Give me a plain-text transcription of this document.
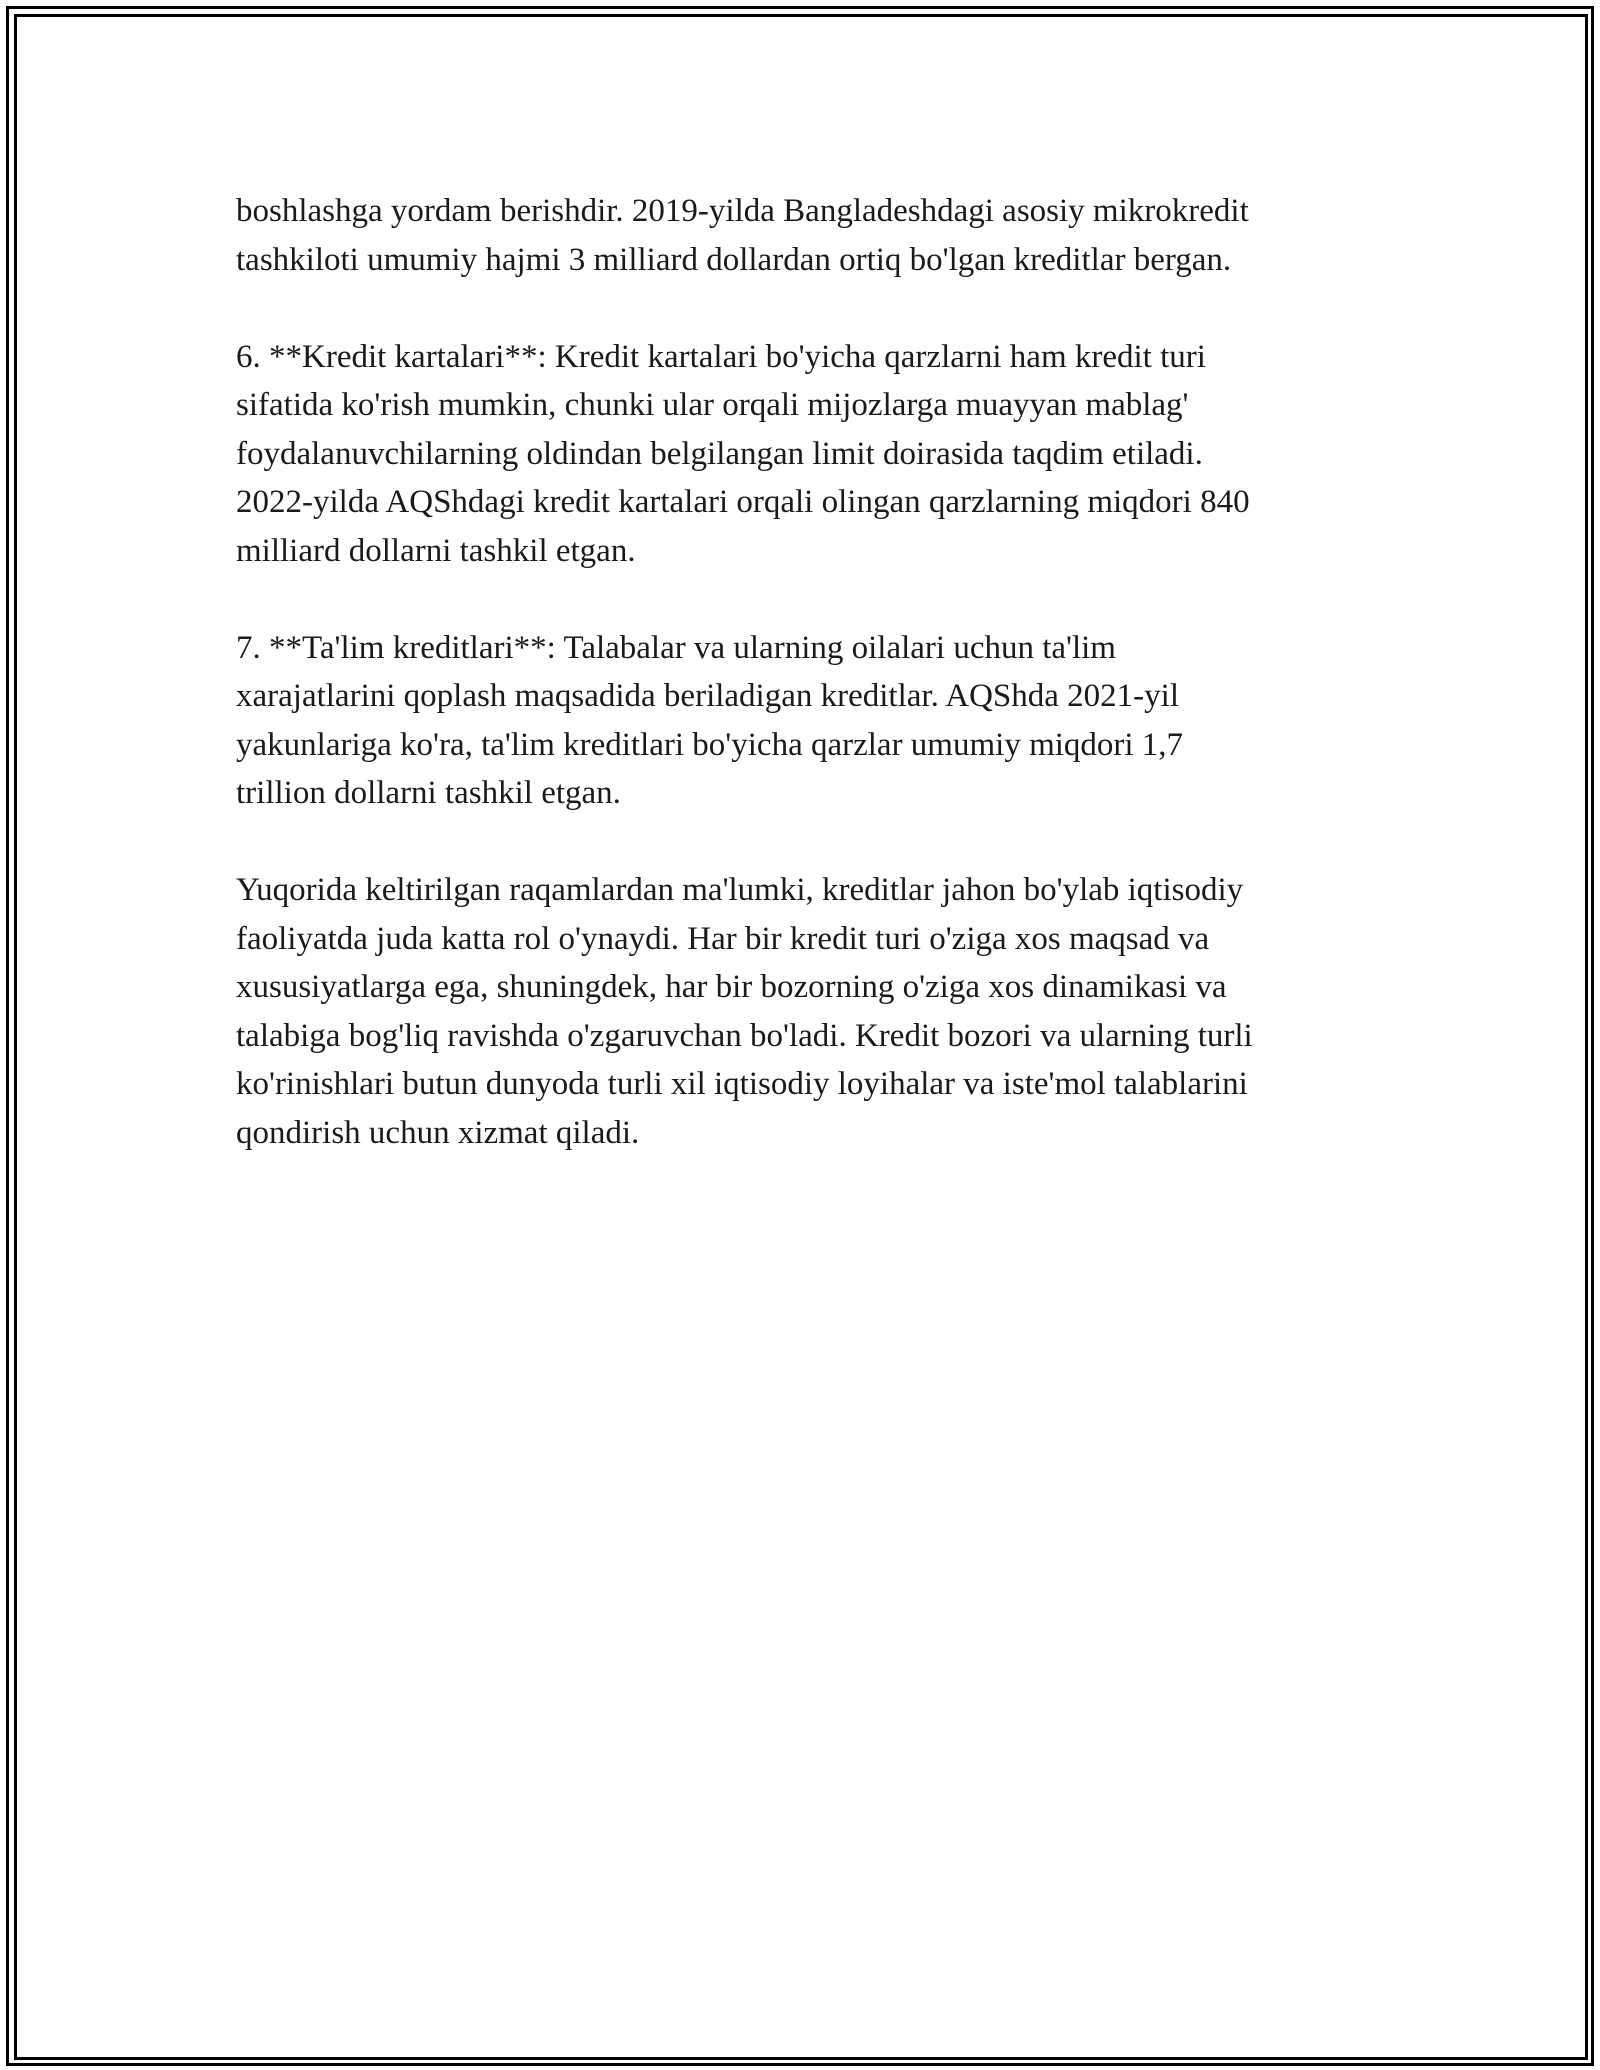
boshlashga yordam berishdir. 2019-yilda Bangladeshdagi asosiy mikrokredit
tashkiloti umumiy hajmi 3 milliard dollardan ortiq bo'lgan kreditlar bergan.

6. **Kredit kartalari**: Kredit kartalari bo'yicha qarzlarni ham kredit turi
sifatida ko'rish mumkin, chunki ular orqali mijozlarga muayyan mablag'
foydalanuvchilarning oldindan belgilangan limit doirasida taqdim etiladi.
2022-yilda AQShdagi kredit kartalari orqali olingan qarzlarning miqdori 840
milliard dollarni tashkil etgan.

7. **Ta'lim kreditlari**: Talabalar va ularning oilalari uchun ta'lim
xarajatlarini qoplash maqsadida beriladigan kreditlar. AQShda 2021-yil
yakunlariga ko'ra, ta'lim kreditlari bo'yicha qarzlar umumiy miqdori 1,7
trillion dollarni tashkil etgan.

Yuqorida keltirilgan raqamlardan ma'lumki, kreditlar jahon bo'ylab iqtisodiy
faoliyatda juda katta rol o'ynaydi. Har bir kredit turi o'ziga xos maqsad va
xususiyatlarga ega, shuningdek, har bir bozorning o'ziga xos dinamikasi va
talabiga bog'liq ravishda o'zgaruvchan bo'ladi. Kredit bozori va ularning turli
ko'rinishlari butun dunyoda turli xil iqtisodiy loyihalar va iste'mol talablarini
qondirish uchun xizmat qiladi.
